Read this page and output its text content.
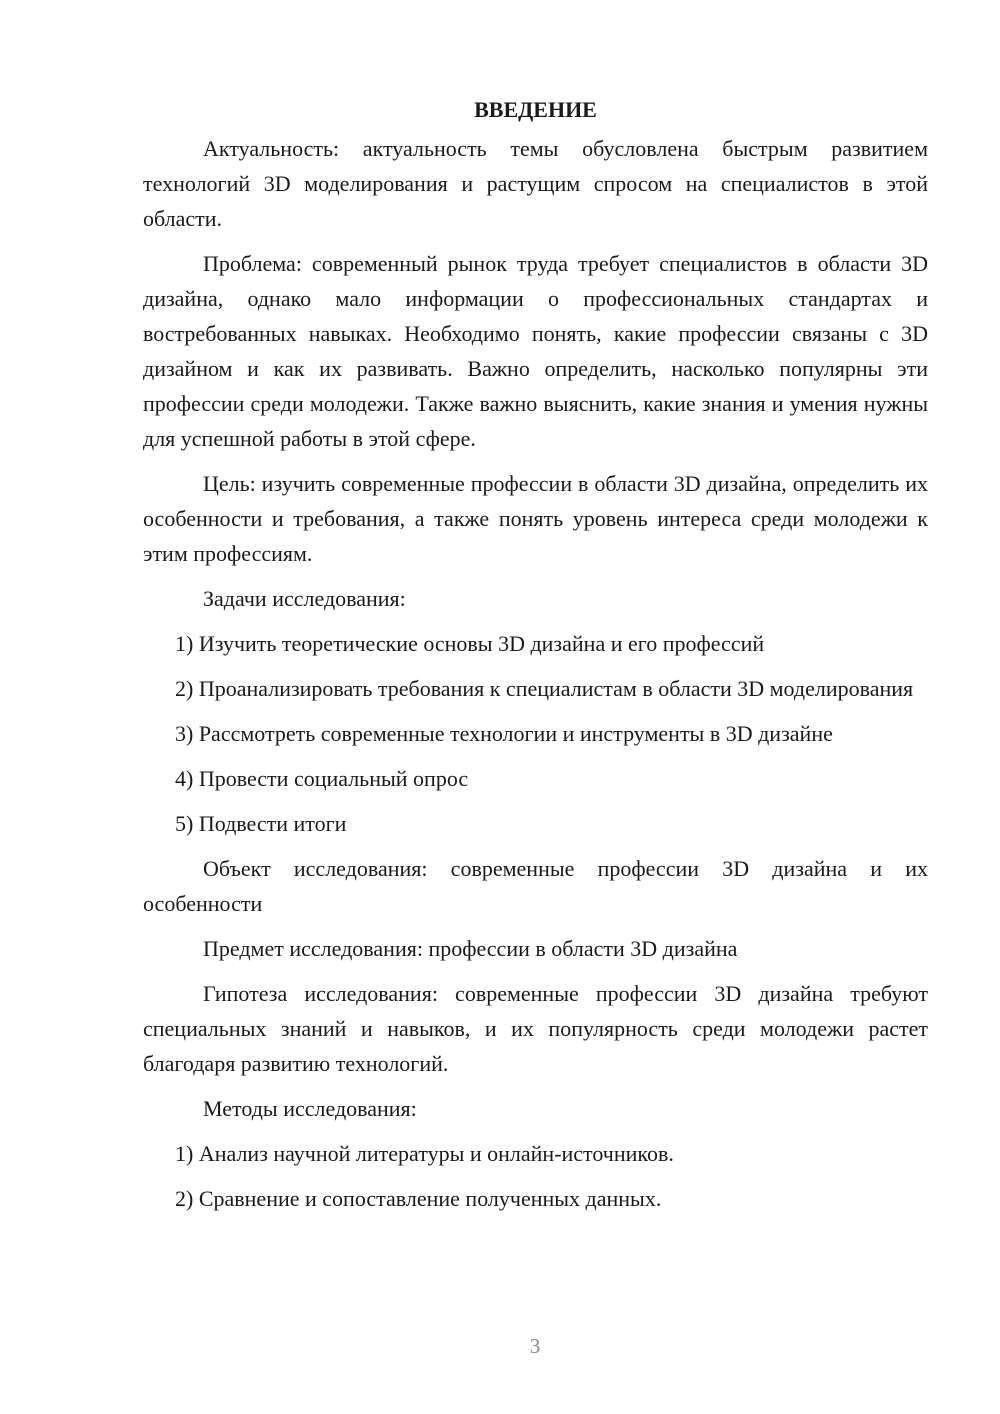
ВВЕДЕНИЕ

Актуальность: актуальность темы обусловлена быстрым развитием технологий 3D моделирования и растущим спросом на специалистов в этой области.

Проблема: современный рынок труда требует специалистов в области 3D дизайна, однако мало информации о профессиональных стандартах и востребованных навыках. Необходимо понять, какие профессии связаны с 3D дизайном и как их развивать. Важно определить, насколько популярны эти профессии среди молодежи. Также важно выяснить, какие знания и умения нужны для успешной работы в этой сфере.

Цель: изучить современные профессии в области 3D дизайна, определить их особенности и требования, а также понять уровень интереса среди молодежи к этим профессиям.

Задачи исследования:

1) Изучить теоретические основы 3D дизайна и его профессий

2) Проанализировать требования к специалистам в области 3D моделирования

3) Рассмотреть современные технологии и инструменты в 3D дизайне

4) Провести социальный опрос

5) Подвести итоги

Объект исследования: современные профессии 3D дизайна и их особенности

Предмет исследования: профессии в области 3D дизайна

Гипотеза исследования: современные профессии 3D дизайна требуют специальных знаний и навыков, и их популярность среди молодежи растет благодаря развитию технологий.

Методы исследования:

1) Анализ научной литературы и онлайн-источников.

2) Сравнение и сопоставление полученных данных.

3
